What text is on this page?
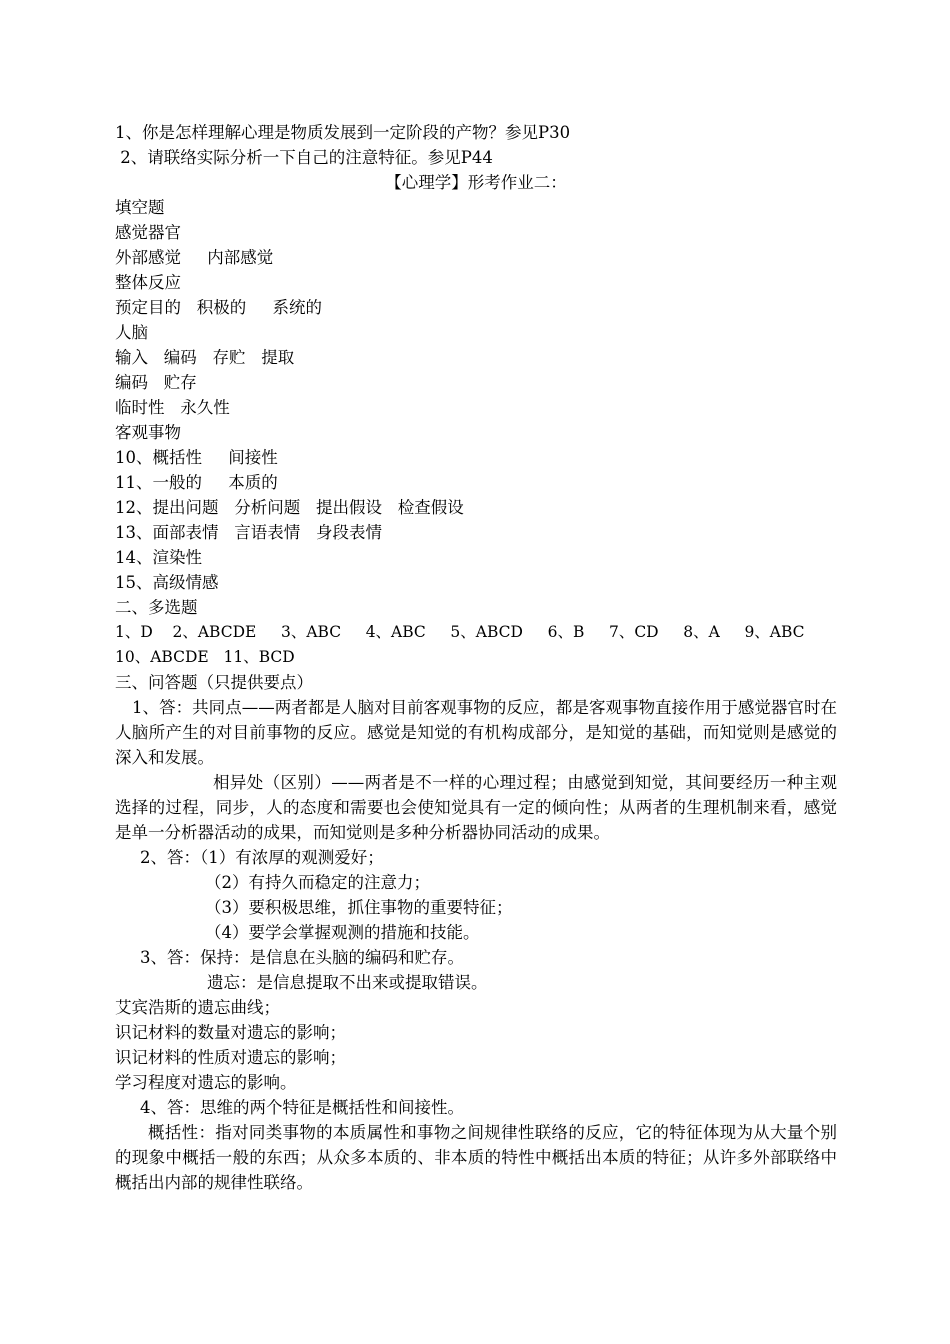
1、你是怎样理解心理是物质发展到一定阶段的产物？参见P30
2、请联络实际分析一下自己的注意特征。参见P44
【心理学】形考作业二：
填空题
感觉器官
外部感觉     内部感觉
整体反应
预定目的   积极的     系统的
人脑
输入   编码   存贮   提取
编码   贮存
临时性   永久性
客观事物
10、概括性     间接性
11、一般的     本质的
12、提出问题   分析问题   提出假设   检查假设
13、面部表情   言语表情   身段表情
14、渲染性
15、高级情感
二、多选题
1、D    2、ABCDE     3、ABC     4、ABC     5、ABCD     6、B     7、CD     8、A     9、ABC
10、ABCDE   11、BCD
三、问答题（只提供要点）
1、答：共同点——两者都是人脑对目前客观事物的反应，都是客观事物直接作用于感觉器官时在人脑所产生的对目前事物的反应。感觉是知觉的有机构成部分，是知觉的基础，而知觉则是感觉的深入和发展。
相异处（区别）——两者是不一样的心理过程；由感觉到知觉，其间要经历一种主观选择的过程，同步，人的态度和需要也会使知觉具有一定的倾向性；从两者的生理机制来看，感觉是单一分析器活动的成果，而知觉则是多种分析器协同活动的成果。
2、答：（1）有浓厚的观测爱好；
（2）有持久而稳定的注意力；
（3）要积极思维，抓住事物的重要特征；
（4）要学会掌握观测的措施和技能。
3、答：保持：是信息在头脑的编码和贮存。
遗忘：是信息提取不出来或提取错误。
艾宾浩斯的遗忘曲线；
识记材料的数量对遗忘的影响；
识记材料的性质对遗忘的影响；
学习程度对遗忘的影响。
4、答：思维的两个特征是概括性和间接性。
概括性：指对同类事物的本质属性和事物之间规律性联络的反应，它的特征体现为从大量个别的现象中概括一般的东西；从众多本质的、非本质的特性中概括出本质的特征；从许多外部联络中概括出内部的规律性联络。
